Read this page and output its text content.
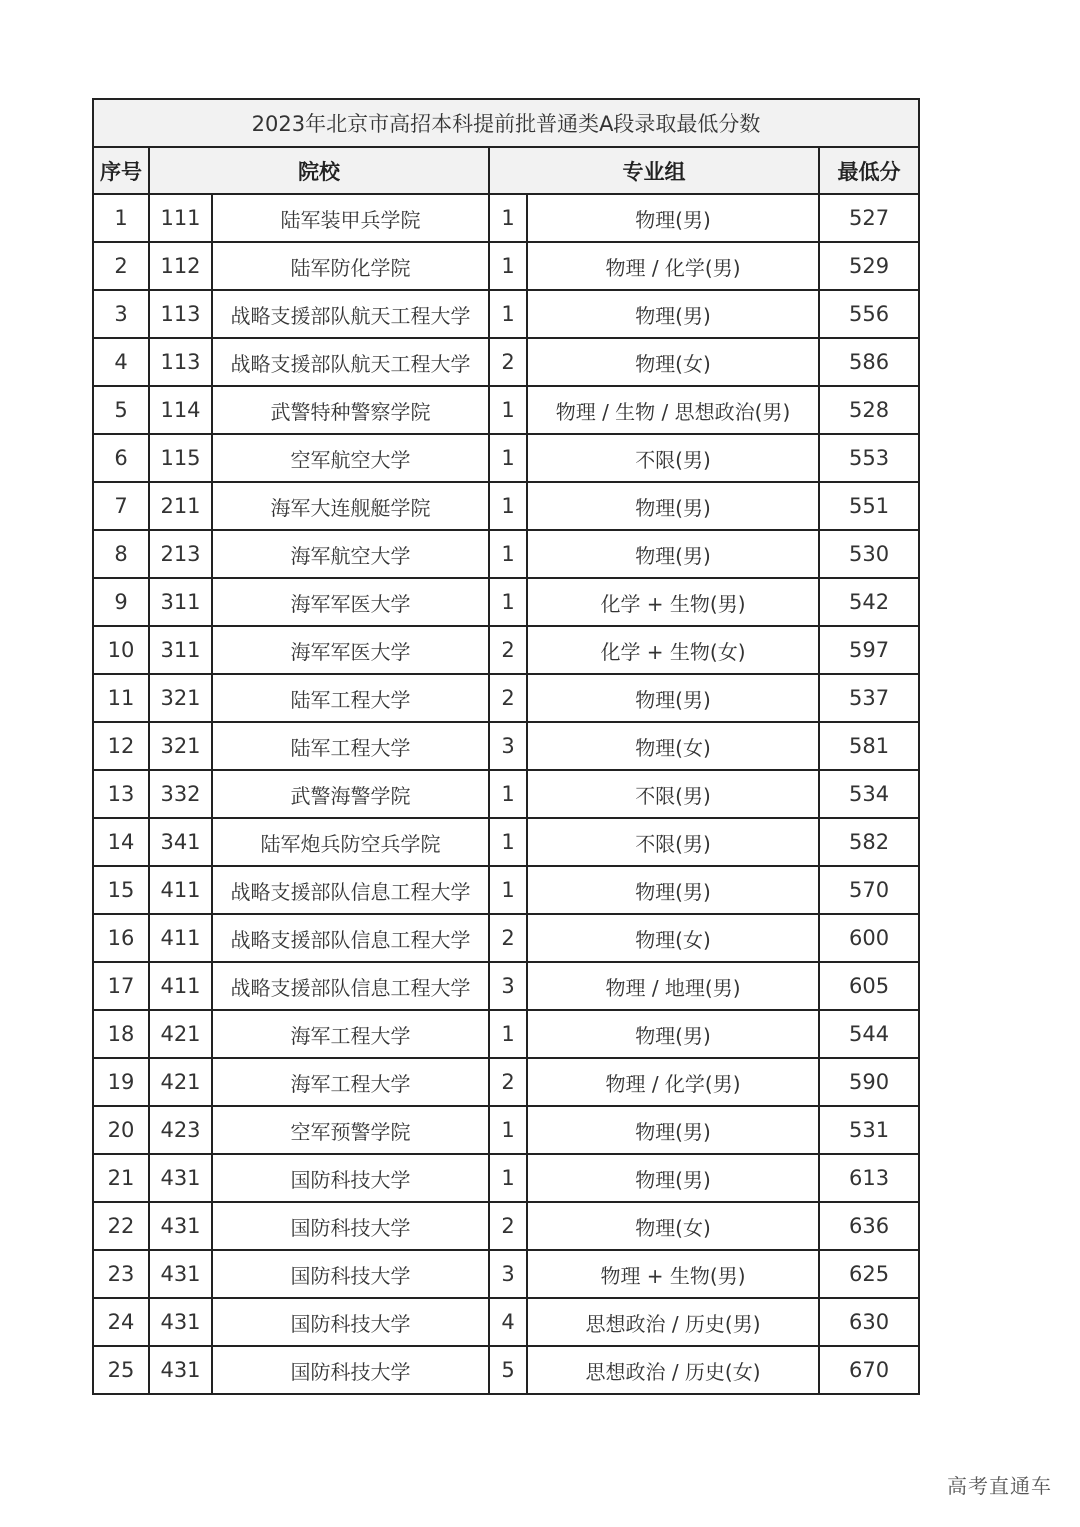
2023年北京市高招本科提前批普通类A段录取最低分数					
序号	院校		专业组		最低分
1	111	陆军装甲兵学院	1	物理(男)	527
2	112	陆军防化学院	1	物理 / 化学(男)	529
3	113	战略支援部队航天工程大学	1	物理(男)	556
4	113	战略支援部队航天工程大学	2	物理(女)	586
5	114	武警特种警察学院	1	物理 / 生物 / 思想政治(男)	528
6	115	空军航空大学	1	不限(男)	553
7	211	海军大连舰艇学院	1	物理(男)	551
8	213	海军航空大学	1	物理(男)	530
9	311	海军军医大学	1	化学 + 生物(男)	542
10	311	海军军医大学	2	化学 + 生物(女)	597
11	321	陆军工程大学	2	物理(男)	537
12	321	陆军工程大学	3	物理(女)	581
13	332	武警海警学院	1	不限(男)	534
14	341	陆军炮兵防空兵学院	1	不限(男)	582
15	411	战略支援部队信息工程大学	1	物理(男)	570
16	411	战略支援部队信息工程大学	2	物理(女)	600
17	411	战略支援部队信息工程大学	3	物理 / 地理(男)	605
18	421	海军工程大学	1	物理(男)	544
19	421	海军工程大学	2	物理 / 化学(男)	590
20	423	空军预警学院	1	物理(男)	531
21	431	国防科技大学	1	物理(男)	613
22	431	国防科技大学	2	物理(女)	636
23	431	国防科技大学	3	物理 + 生物(男)	625
24	431	国防科技大学	4	思想政治 / 历史(男)	630
25	431	国防科技大学	5	思想政治 / 历史(女)	670
高考直通车
